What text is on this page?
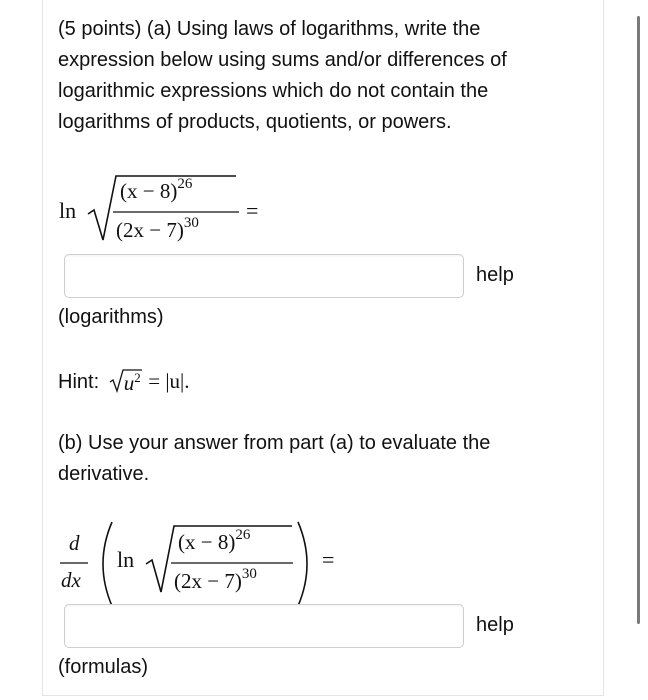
(5 points) (a) Using laws of logarithms, write the expression below using sums and/or differences of logarithmic expressions which do not contain the logarithms of products, quotients, or powers.

ln
$(x - 8)^{26}$
$(2x - 7)^{30}$ =
help
(logarithms)
Hint: $u^2 = |u|$.

(b) Use your answer from part (a) to evaluate the derivative.

d
dx
ln
$(x - 8)^{26}$
$(2x - 7)^{30}$
=
help
(formulas)
